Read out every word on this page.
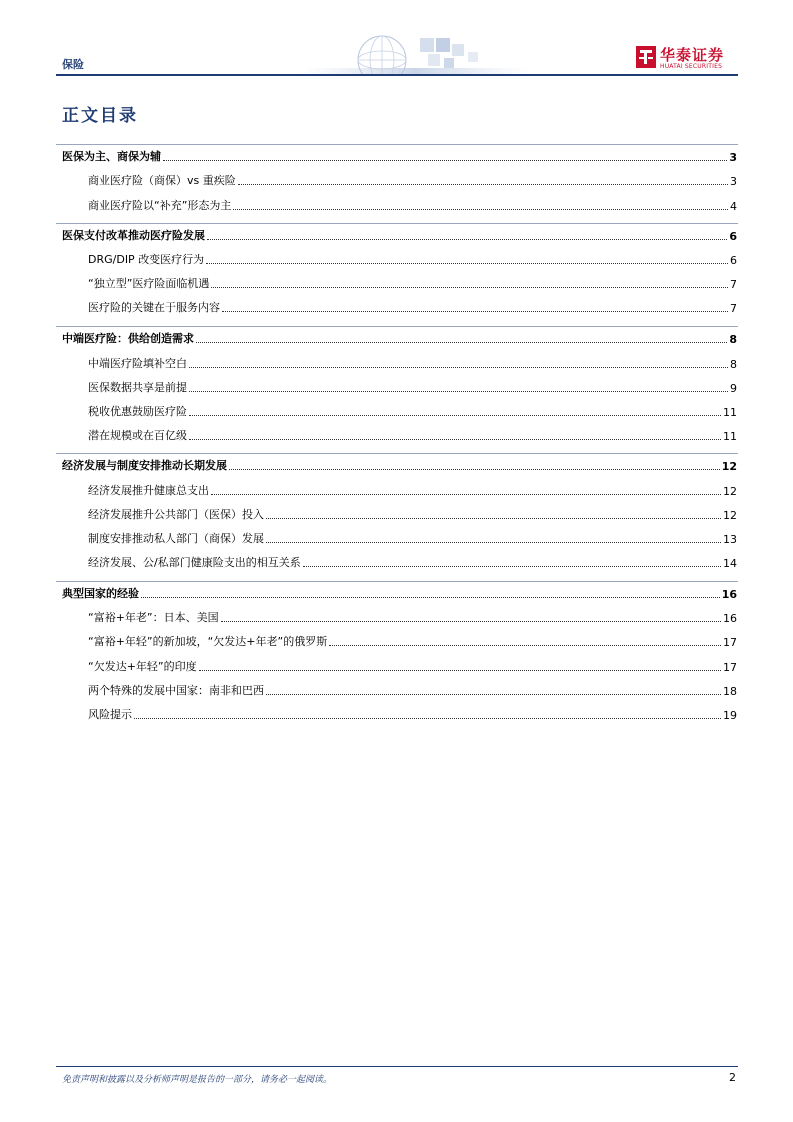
保险
华泰证券
HUATAI SECURITIES
正文目录
医保为主、商保为辅	3
商业医疗险（商保）vs 重疾险	3
商业医疗险以“补充”形态为主	4
医保支付改革推动医疗险发展	6
DRG/DIP 改变医疗行为	6
“独立型”医疗险面临机遇	7
医疗险的关键在于服务内容	7
中端医疗险：供给创造需求	8
中端医疗险填补空白	8
医保数据共享是前提	9
税收优惠鼓励医疗险	11
潜在规模或在百亿级	11
经济发展与制度安排推动长期发展	12
经济发展推升健康总支出	12
经济发展推升公共部门（医保）投入	12
制度安排推动私人部门（商保）发展	13
经济发展、公/私部门健康险支出的相互关系	14
典型国家的经验	16
“富裕+年老”：日本、美国	16
“富裕+年轻”的新加坡，“欠发达+年老”的俄罗斯	17
“欠发达+年轻”的印度	17
两个特殊的发展中国家：南非和巴西	18
风险提示	19
免责声明和披露以及分析师声明是报告的一部分，请务必一起阅读。	2
